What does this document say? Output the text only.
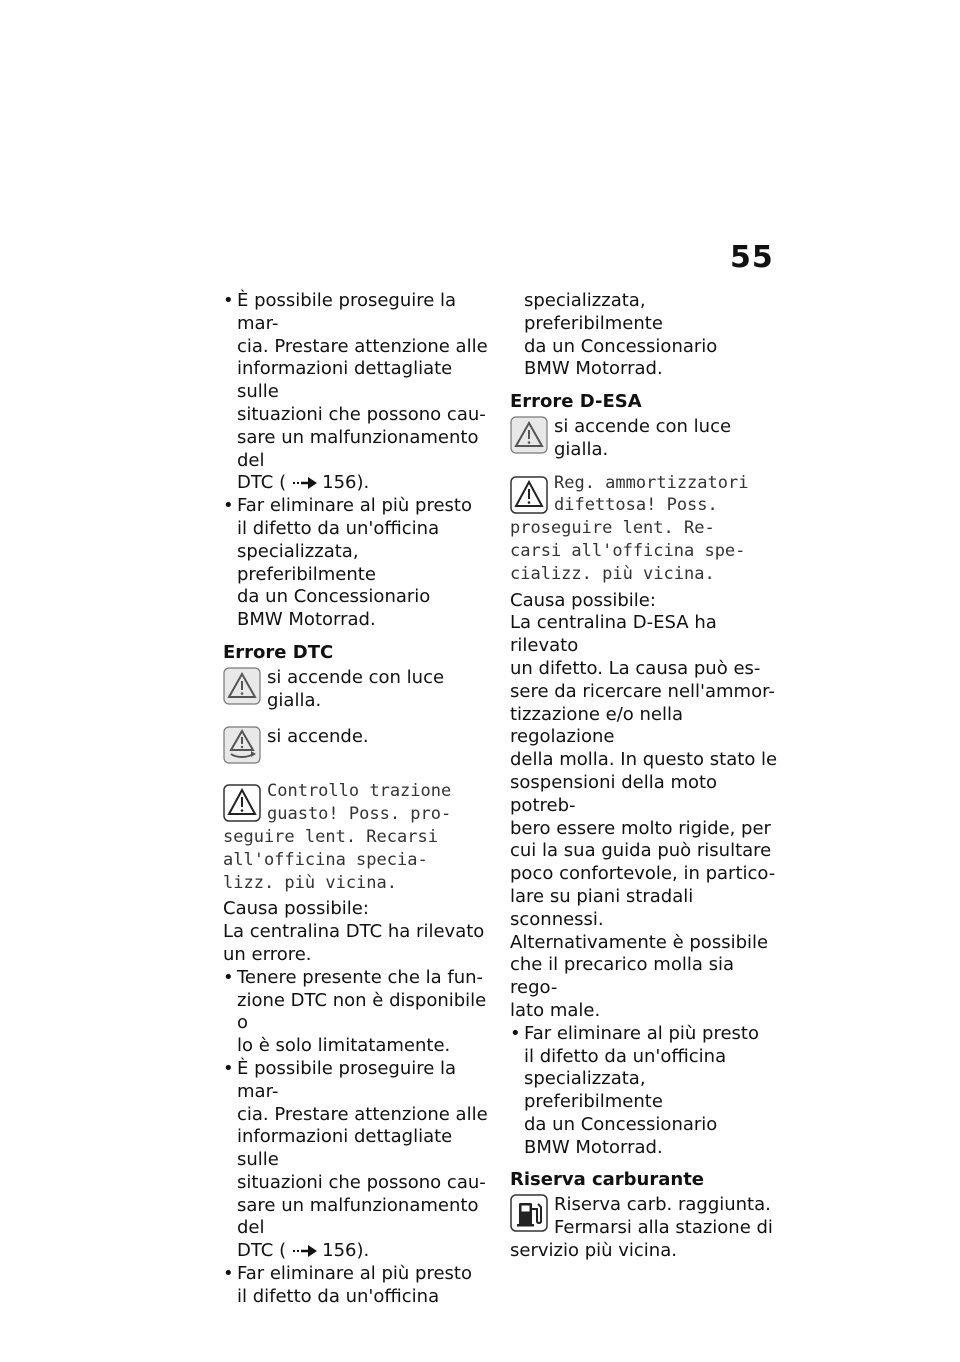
55
• È possibile proseguire la mar-
cia. Prestare attenzione alle
informazioni dettagliate sulle
situazioni che possono cau-
sare un malfunzionamento del
DTC ( 156).
• Far eliminare al più presto
il difetto da un'officina
specializzata, preferibilmente
da un Concessionario
BMW Motorrad.
Errore DTC
si accende con luce gialla.
si accende.
Controllo trazione
guasto! Poss. pro-
seguire lent. Recarsi
all'officina specia-
lizz. più vicina.
Causa possibile:
La centralina DTC ha rilevato
un errore.
• Tenere presente che la fun-
zione DTC non è disponibile o
lo è solo limitatamente.
• È possibile proseguire la mar-
cia. Prestare attenzione alle
informazioni dettagliate sulle
situazioni che possono cau-
sare un malfunzionamento del
DTC ( 156).
• Far eliminare al più presto
il difetto da un'officina
specializzata, preferibilmente
da un Concessionario
BMW Motorrad.
Errore D-ESA
si accende con luce gialla.
Reg. ammortizzatori
difettosa! Poss.
proseguire lent. Re-
carsi all'officina spe-
cializz. più vicina.
Causa possibile:
La centralina D-ESA ha rilevato
un difetto. La causa può es-
sere da ricercare nell'ammor-
tizzazione e/o nella regolazione
della molla. In questo stato le
sospensioni della moto potreb-
bero essere molto rigide, per
cui la sua guida può risultare
poco confortevole, in partico-
lare su piani stradali sconnessi.
Alternativamente è possibile
che il precarico molla sia rego-
lato male.
• Far eliminare al più presto
il difetto da un'officina
specializzata, preferibilmente
da un Concessionario
BMW Motorrad.
Riserva carburante
Riserva carb. raggiunta.
Fermarsi alla stazione di
servizio più vicina.
